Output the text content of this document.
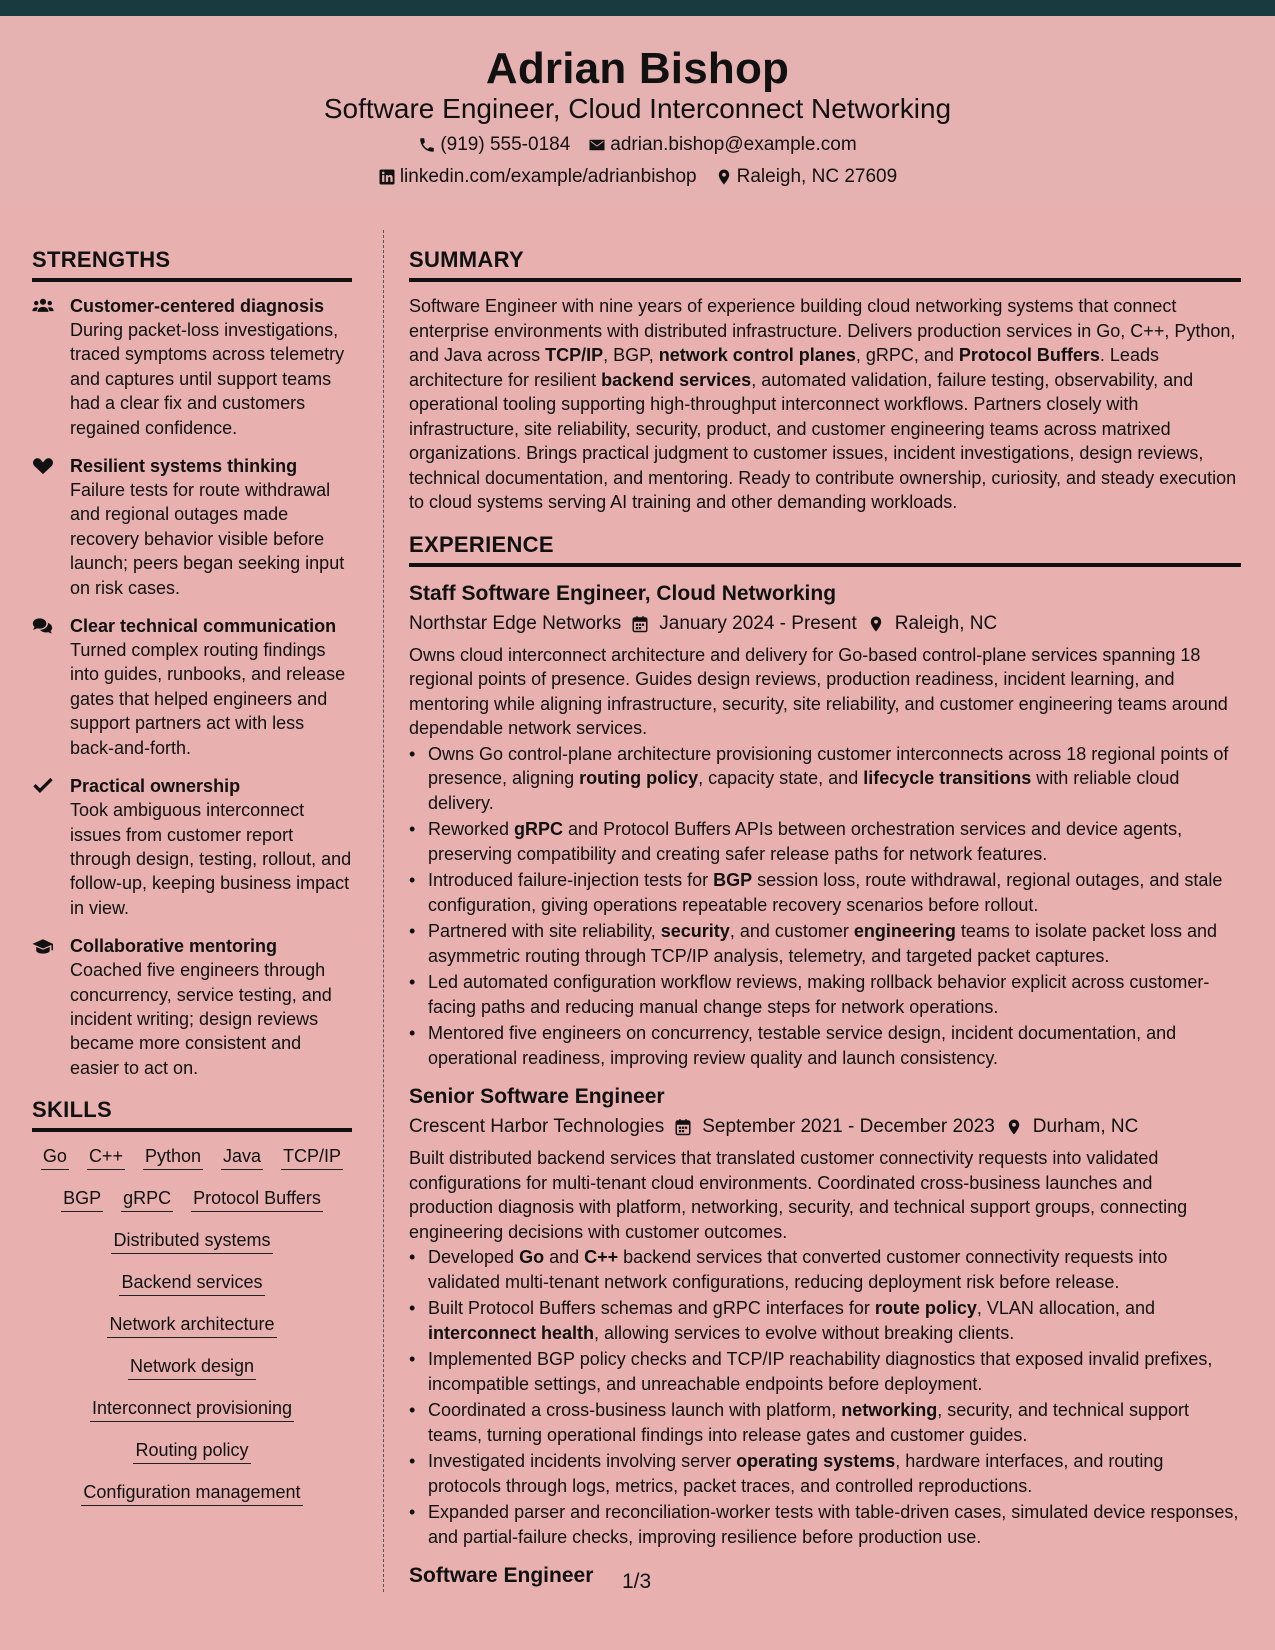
Adrian Bishop
Software Engineer, Cloud Interconnect Networking
(919) 555-0184 adrian.bishop@example.com
linkedin.com/example/adrianbishop Raleigh, NC 27609
STRENGTHS
Customer-centered diagnosis
During packet-loss investigations, traced symptoms across telemetry and captures until support teams had a clear fix and customers regained confidence.
Resilient systems thinking
Failure tests for route withdrawal and regional outages made recovery behavior visible before launch; peers began seeking input on risk cases.
Clear technical communication
Turned complex routing findings into guides, runbooks, and release gates that helped engineers and support partners act with less back-and-forth.
Practical ownership
Took ambiguous interconnect issues from customer report through design, testing, rollout, and follow-up, keeping business impact in view.
Collaborative mentoring
Coached five engineers through concurrency, service testing, and incident writing; design reviews became more consistent and easier to act on.
SKILLS
Go C++ Python Java TCP/IP
BGP gRPC Protocol Buffers
Distributed systems
Backend services
Network architecture
Network design
Interconnect provisioning
Routing policy
Configuration management
SUMMARY
Software Engineer with nine years of experience building cloud networking systems that connect enterprise environments with distributed infrastructure. Delivers production services in Go, C++, Python, and Java across TCP/IP, BGP, network control planes, gRPC, and Protocol Buffers. Leads architecture for resilient backend services, automated validation, failure testing, observability, and operational tooling supporting high-throughput interconnect workflows. Partners closely with infrastructure, site reliability, security, product, and customer engineering teams across matrixed organizations. Brings practical judgment to customer issues, incident investigations, design reviews, technical documentation, and mentoring. Ready to contribute ownership, curiosity, and steady execution to cloud systems serving AI training and other demanding workloads.
EXPERIENCE
Staff Software Engineer, Cloud Networking
Northstar Edge Networks January 2024 - Present Raleigh, NC
Owns cloud interconnect architecture and delivery for Go-based control-plane services spanning 18 regional points of presence. Guides design reviews, production readiness, incident learning, and mentoring while aligning infrastructure, security, site reliability, and customer engineering teams around dependable network services.
• Owns Go control-plane architecture provisioning customer interconnects across 18 regional points of presence, aligning routing policy, capacity state, and lifecycle transitions with reliable cloud delivery.
• Reworked gRPC and Protocol Buffers APIs between orchestration services and device agents, preserving compatibility and creating safer release paths for network features.
• Introduced failure-injection tests for BGP session loss, route withdrawal, regional outages, and stale configuration, giving operations repeatable recovery scenarios before rollout.
• Partnered with site reliability, security, and customer engineering teams to isolate packet loss and asymmetric routing through TCP/IP analysis, telemetry, and targeted packet captures.
• Led automated configuration workflow reviews, making rollback behavior explicit across customer-facing paths and reducing manual change steps for network operations.
• Mentored five engineers on concurrency, testable service design, incident documentation, and operational readiness, improving review quality and launch consistency.
Senior Software Engineer
Crescent Harbor Technologies September 2021 - December 2023 Durham, NC
Built distributed backend services that translated customer connectivity requests into validated configurations for multi-tenant cloud environments. Coordinated cross-business launches and production diagnosis with platform, networking, security, and technical support groups, connecting engineering decisions with customer outcomes.
• Developed Go and C++ backend services that converted customer connectivity requests into validated multi-tenant network configurations, reducing deployment risk before release.
• Built Protocol Buffers schemas and gRPC interfaces for route policy, VLAN allocation, and interconnect health, allowing services to evolve without breaking clients.
• Implemented BGP policy checks and TCP/IP reachability diagnostics that exposed invalid prefixes, incompatible settings, and unreachable endpoints before deployment.
• Coordinated a cross-business launch with platform, networking, security, and technical support teams, turning operational findings into release gates and customer guides.
• Investigated incidents involving server operating systems, hardware interfaces, and routing protocols through logs, metrics, packet traces, and controlled reproductions.
• Expanded parser and reconciliation-worker tests with table-driven cases, simulated device responses, and partial-failure checks, improving resilience before production use.
Software Engineer	1/3
